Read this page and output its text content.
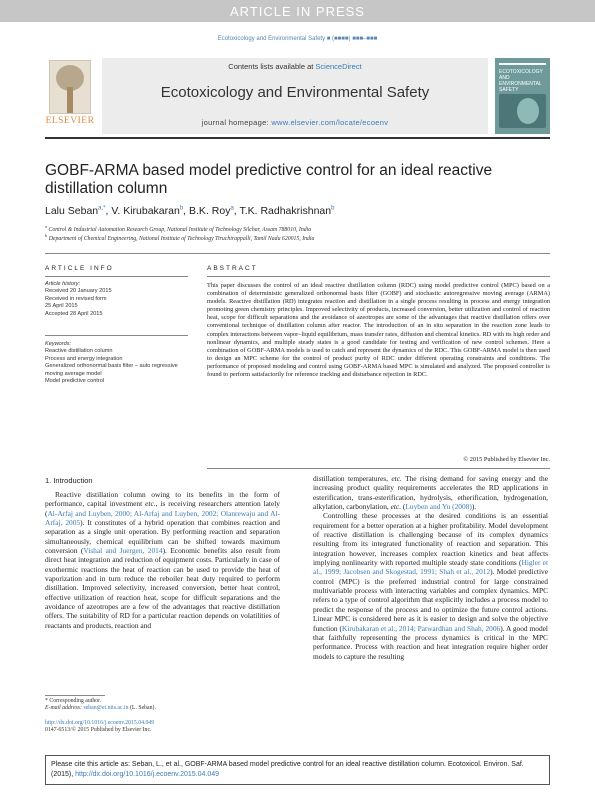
ARTICLE IN PRESS
Ecotoxicology and Environmental Safety ■ (■■■■) ■■■–■■■
ELSEVIER
Contents lists available at ScienceDirect
Ecotoxicology and Environmental Safety
journal homepage: www.elsevier.com/locate/ecoenv
ECOTOXICOLOGY AND ENVIRONMENTAL SAFETY
GOBF-ARMA based model predictive control for an ideal reactive distillation column
Lalu Seban$^{a,*}$, V. Kirubakaran$^b$, B.K. Roy$^a$, T.K. Radhakrishnan$^b$
$^a$ Control & Industrial Automation Research Group, National Institute of Technology Silchar, Assam 788010, India
$^b$ Department of Chemical Engineering, National Institute of Technology Tiruchirappalli, Tamil Nadu 620015, India
ARTICLE INFO
Article history:
Received 20 January 2015
Received in revised form
25 April 2015
Accepted 28 April 2015
Keywords:
Reactive distillation column
Process and energy integration
Generalized orthonormal basis filter – auto regressive moving average model
Model predictive control
ABSTRACT
This paper discusses the control of an ideal reactive distillation column (RDC) using model predictive control (MPC) based on a combination of deterministic generalized orthonormal basis filter (GOBF) and stochastic autoregressive moving average (ARMA) models. Reactive distillation (RD) integrates reaction and distillation in a single process resulting in process and energy integration promoting green chemistry principles. Improved selectivity of products, increased conversion, better utilization and control of reaction heat, scope for difficult separations and the avoidance of azeotropes are some of the advantages that reactive distillation offers over conventional technique of distillation column after reactor. The introduction of an in situ separation in the reaction zone leads to complex interactions between vapor–liquid equilibrium, mass transfer rates, diffusion and chemical kinetics. RD with its high order and nonlinear dynamics, and multiple steady states is a good candidate for testing and verification of new control schemes. Here a combination of GOBF-ARMA models is used to catch and represent the dynamics of the RDC. This GOBF-ARMA model is then used to design an MPC scheme for the control of product purity of RDC under different operating constraints and conditions. The performance of proposed modeling and control using GOBF-ARMA based MPC is simulated and analyzed. The proposed controller is found to perform satisfactorily for reference tracking and disturbance rejection in RDC.
© 2015 Published by Elsevier Inc.
1. Introduction

Reactive distillation column owing to its benefits in the form of performance, capital investment etc., is receiving researchers attention lately (Al-Arfaj and Luyben, 2000; Al-Arfaj and Luyben, 2002; Olanrewaju and Al-Arfaj, 2005). It constitutes of a hybrid operation that combines reaction and separation as a single unit operation. By performing reaction and separation simultaneously, chemical equilibrium can be shifted towards maximum conversion (Vishal and Juergen, 2014). Economic benefits also result from direct heat integration and reduction of equipment costs. Particularly in case of exothermic reactions the heat of reaction can be used to provide the heat of vaporization and in turn reduce the reboiler heat duty required to perform distillation. Improved selectivity, increased conversion, better heat control, effective utilization of reaction heat, scope for difficult separations and the avoidance of azeotropes are a few of the advantages that reactive distillation offers. The suitability of RD for a particular reaction depends on volatilities of reactants and products, reaction and

distillation temperatures, etc. The rising demand for saving energy and the increasing product quality requirements accelerates the RD applications in esterification, trans-esterification, hydrolysis, etherification, hydrogenation, alkylation, carbonylation, etc. (Luyben and Yu (2008)).

Controlling these processes at the desired conditions is an essential requirement for a better operation at a higher profitability. Model development of reactive distillation is challenging because of its complex dynamics resulting from its integrated functionality of reaction and separation. This integration however, increases complex reaction kinetics and heat affects implying nonlinearity with reported multiple steady state conditions (Higler et al., 1999; Jacobsen and Skogestad, 1991; Shah et al., 2012). Model predictive control (MPC) is the preferred industrial control for large constrained multivariable process with interacting variables and complex dynamics. MPC refers to a type of control algorithm that explicitly includes a process model to predict the response of the process and to optimize the future control actions. Linear MPC is considered here as it is easier to design and solve the objective function (Kirubakaran et al., 2014; Patwardhan and Shah, 2006). A good model that faithfully representing the process dynamics is critical in the MPC performance. Process with reaction and heat integration require higher order models to capture the resulting

* Corresponding author.
E-mail address: seban@ei.nits.ac.in (L. Seban).
http://dx.doi.org/10.1016/j.ecoenv.2015.04.049
0147-6513/© 2015 Published by Elsevier Inc.
Please cite this article as: Seban, L., et al., GOBF-ARMA based model predictive control for an ideal reactive distillation column. Ecotoxicol. Environ. Saf. (2015), http://dx.doi.org/10.1016/j.ecoenv.2015.04.049
